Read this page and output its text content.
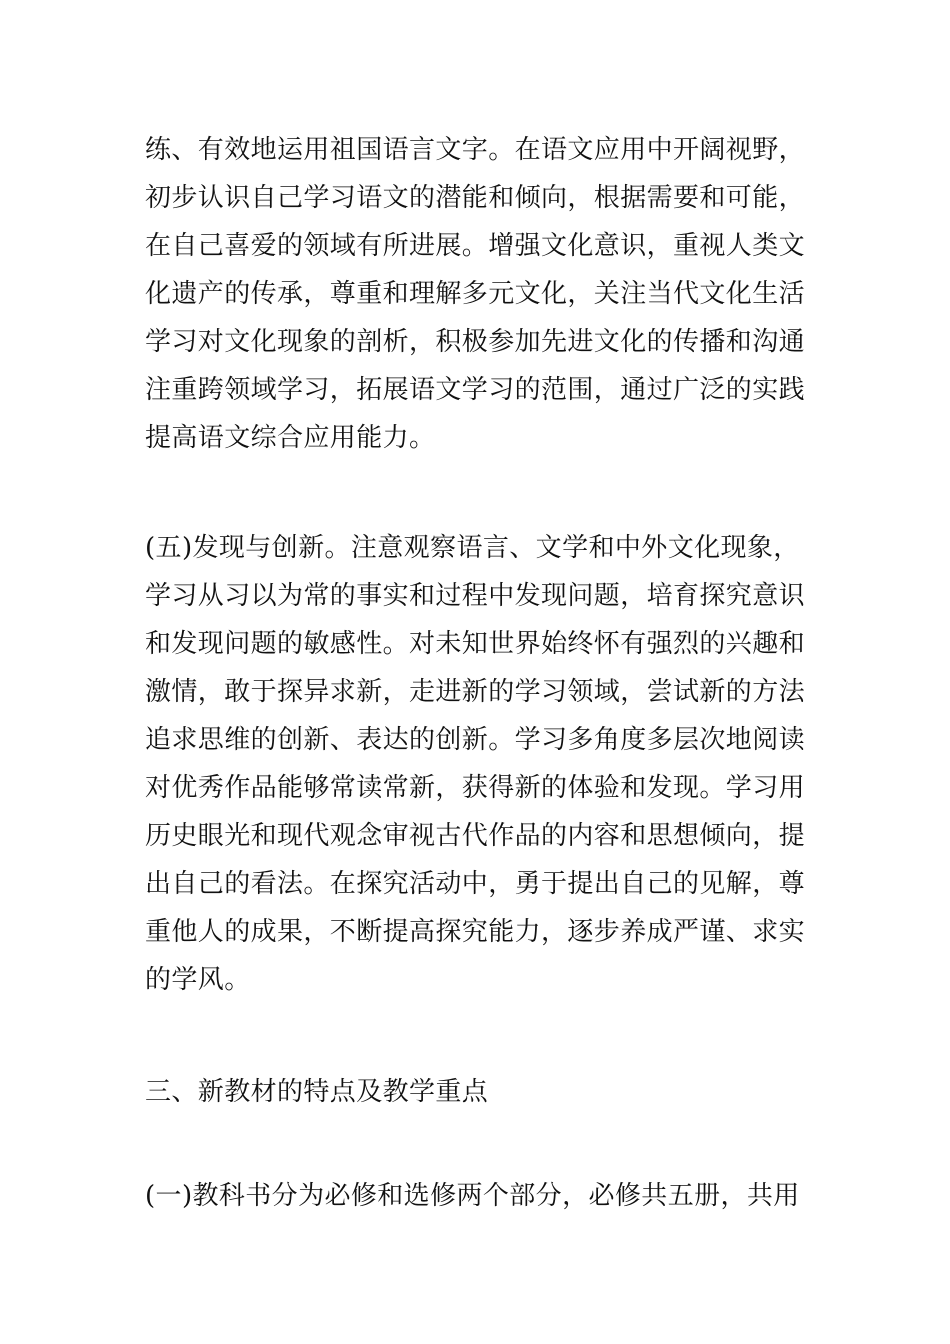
练、有效地运用祖国语言文字。在语文应用中开阔视野，
初步认识自己学习语文的潜能和倾向，根据需要和可能，
在自己喜爱的领域有所进展。增强文化意识，重视人类文
化遗产的传承，尊重和理解多元文化，关注当代文化生活
学习对文化现象的剖析，积极参加先进文化的传播和沟通
注重跨领域学习，拓展语文学习的范围，通过广泛的实践
提高语文综合应用能力。
(五)发现与创新。注意观察语言、文学和中外文化现象，
学习从习以为常的事实和过程中发现问题，培育探究意识
和发现问题的敏感性。对未知世界始终怀有强烈的兴趣和
激情，敢于探异求新，走进新的学习领域，尝试新的方法
追求思维的创新、表达的创新。学习多角度多层次地阅读
对优秀作品能够常读常新，获得新的体验和发现。学习用
历史眼光和现代观念审视古代作品的内容和思想倾向，提
出自己的看法。在探究活动中，勇于提出自己的见解，尊
重他人的成果，不断提高探究能力，逐步养成严谨、求实
的学风。
三、新教材的特点及教学重点
(一)教科书分为必修和选修两个部分，必修共五册，共用
